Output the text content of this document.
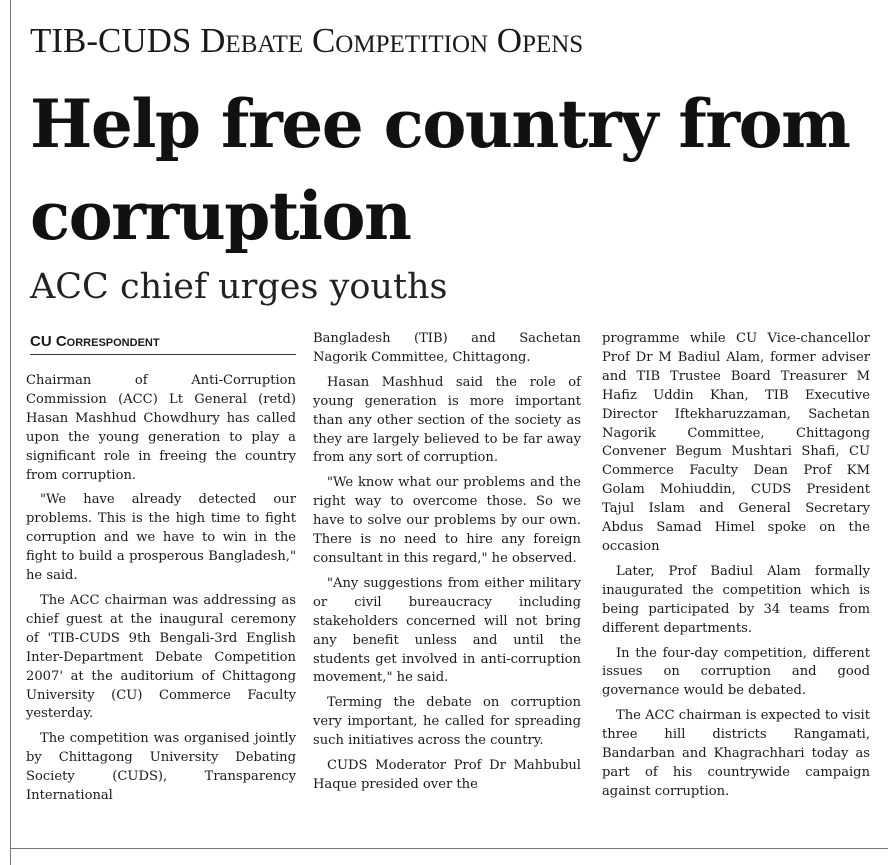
TIB-CUDS Debate Competition Opens
Help free country from corruption
ACC chief urges youths
CU Correspondent

Chairman of Anti-Corruption Commission (ACC) Lt General (retd) Hasan Mashhud Chowdhury has called upon the young generation to play a significant role in freeing the country from corruption.

"We have already detected our problems. This is the high time to fight corruption and we have to win in the fight to build a prosperous Bangladesh," he said.

The ACC chairman was addressing as chief guest at the inaugural ceremony of 'TIB-CUDS 9th Bengali-3rd English Inter-Department Debate Competition 2007' at the auditorium of Chittagong University (CU) Commerce Faculty yesterday.

The competition was organised jointly by Chittagong University Debating Society (CUDS), Transparency International

Bangladesh (TIB) and Sachetan Nagorik Committee, Chittagong.

Hasan Mashhud said the role of young generation is more important than any other section of the society as they are largely believed to be far away from any sort of corruption.

"We know what our problems and the right way to overcome those. So we have to solve our problems by our own. There is no need to hire any foreign consultant in this regard," he observed.

"Any suggestions from either military or civil bureaucracy including stakeholders concerned will not bring any benefit unless and until the students get involved in anti-corruption movement," he said.

Terming the debate on corruption very important, he called for spreading such initiatives across the country.

CUDS Moderator Prof Dr Mahbubul Haque presided over the

programme while CU Vice-chancellor Prof Dr M Badiul Alam, former adviser and TIB Trustee Board Treasurer M Hafiz Uddin Khan, TIB Executive Director Iftekharuzzaman, Sachetan Nagorik Committee, Chittagong Convener Begum Mushtari Shafi, CU Commerce Faculty Dean Prof KM Golam Mohiuddin, CUDS President Tajul Islam and General Secretary Abdus Samad Himel spoke on the occasion

Later, Prof Badiul Alam formally inaugurated the competition which is being participated by 34 teams from different departments.

In the four-day competition, different issues on corruption and good governance would be debated.

The ACC chairman is expected to visit three hill districts Rangamati, Bandarban and Khagrachhari today as part of his countrywide campaign against corruption.
